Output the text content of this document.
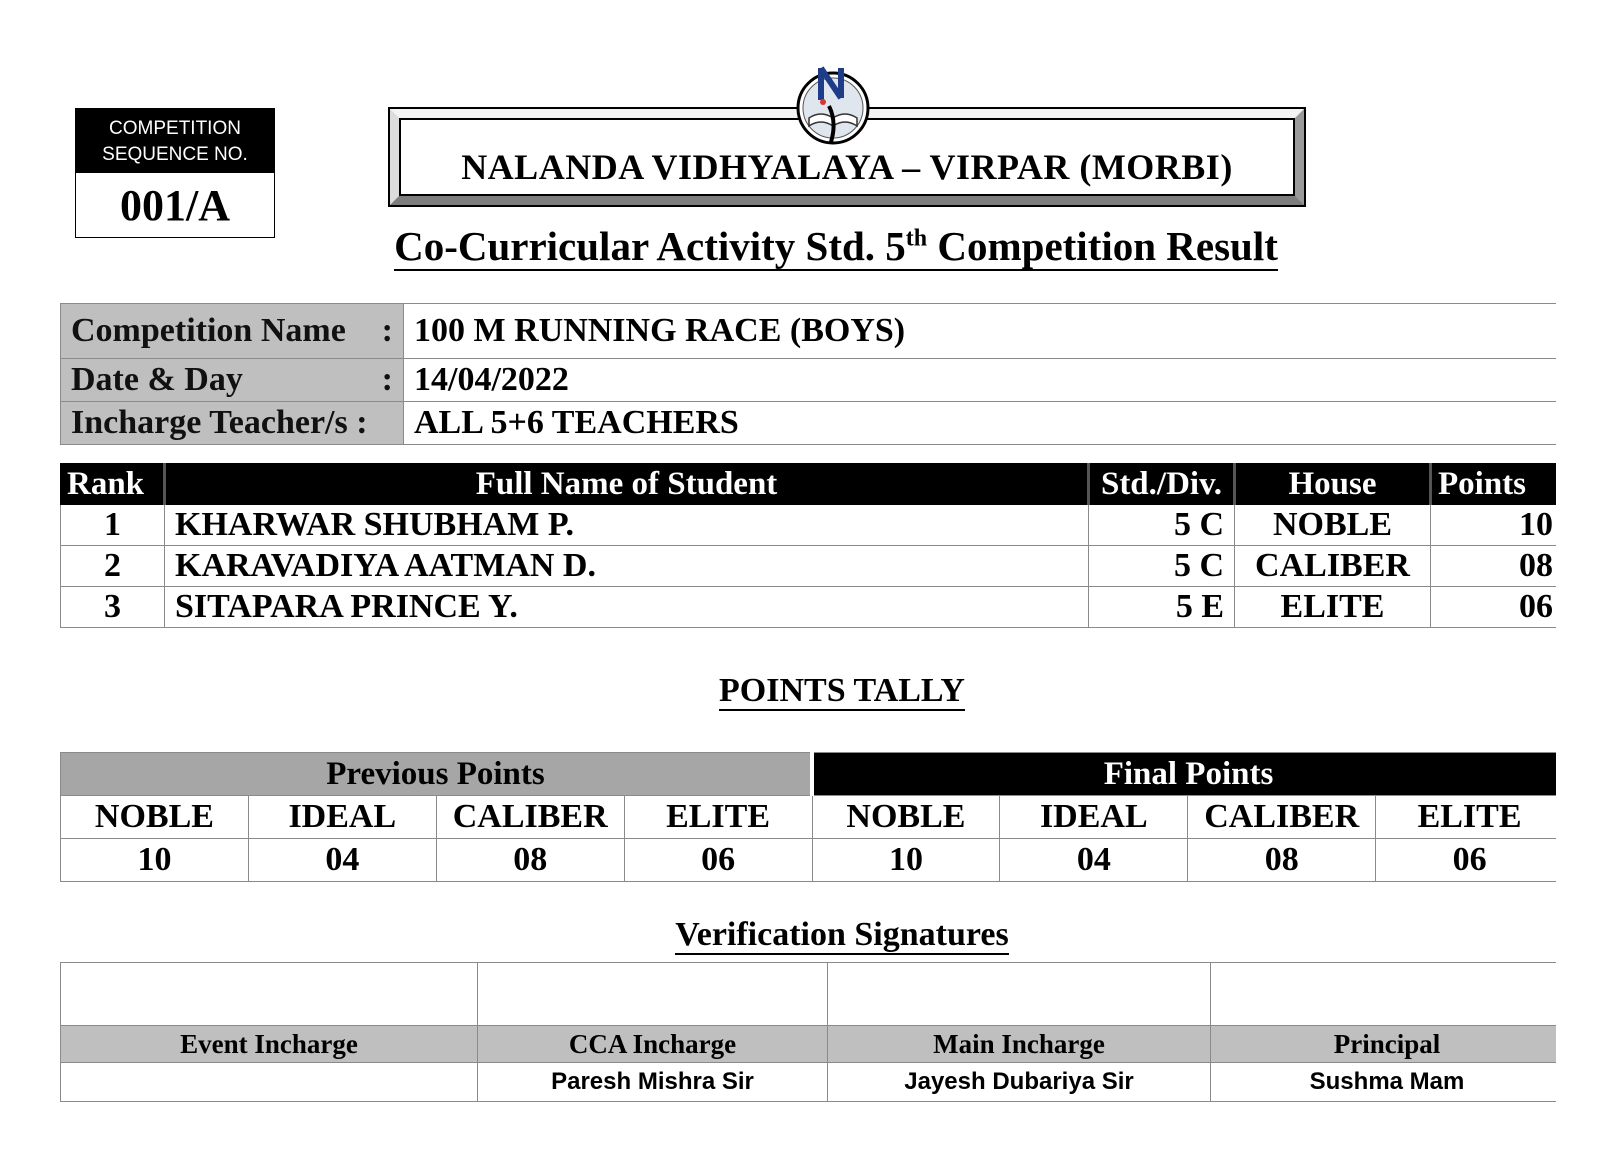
COMPETITION SEQUENCE NO.
001/A
NALANDA VIDHYALAYA – VIRPAR (MORBI)
Co-Curricular Activity Std. 5th Competition Result
Competition Name :	100 M RUNNING RACE (BOYS)

Date & Day :	14/04/2022
Incharge Teacher/s :	ALL 5+6 TEACHERS
Rank	Full Name of Student	Std./Div.	House	Points
1	KHARWAR SHUBHAM P.	5 C	NOBLE	10
2	KARAVADIYA AATMAN D.	5 C	CALIBER	08
3	SITAPARA PRINCE Y.	5 E	ELITE	06
POINTS TALLY
Previous Points				Final Points			
NOBLE	IDEAL	CALIBER	ELITE	NOBLE	IDEAL	CALIBER	ELITE
10	04	08	06	10	04	08	06
Verification Signatures

Event Incharge	CCA Incharge	Main Incharge	Principal
	Paresh Mishra Sir	Jayesh Dubariya Sir	Sushma Mam
